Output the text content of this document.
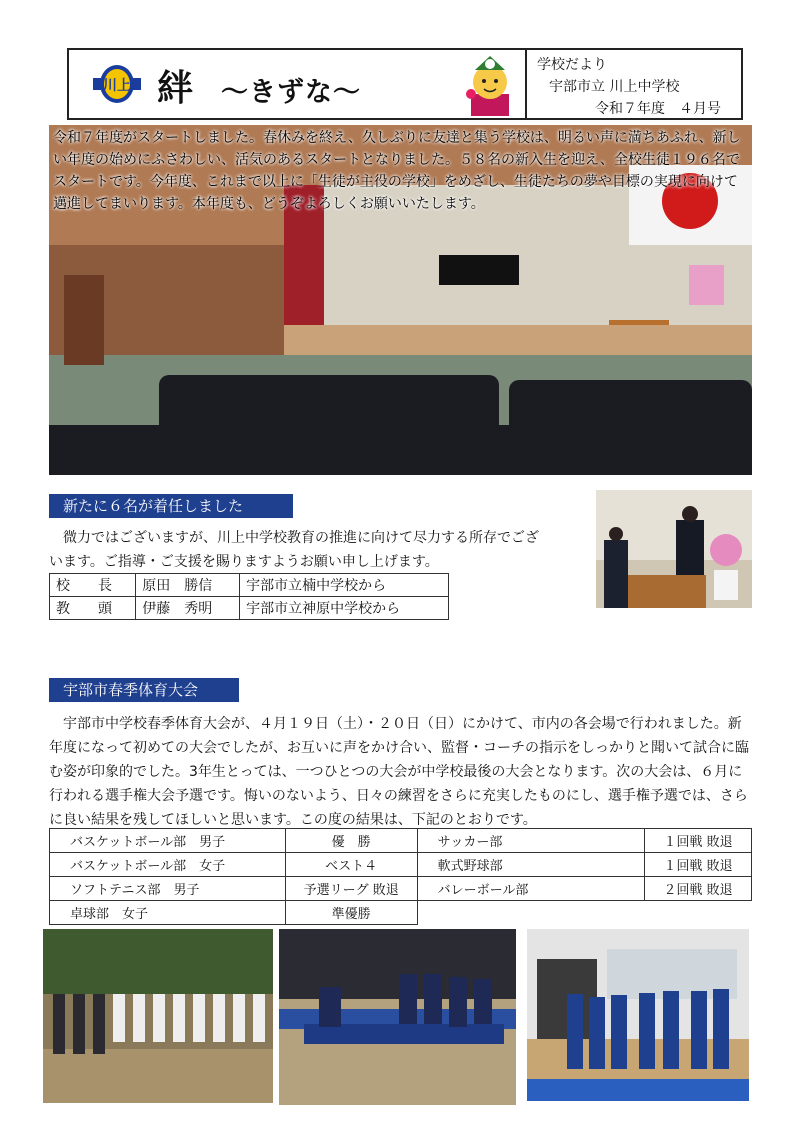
川上 絆 ～きずな～
学校だより
宇部市立 川上中学校
令和７年度　４月号
令和７年度がスタートしました。春休みを終え、久しぶりに友達と集う学校は、明るい声に満ちあふれ、新しい年度の始めにふさわしい、活気のあるスタートとなりました。５８名の新入生を迎え、全校生徒１９６名でスタートです。今年度、これまで以上に「生徒が主役の学校」をめざし、生徒たちの夢や目標の実現に向けて邁進してまいります。本年度も、どうぞよろしくお願いいたします。
新たに６名が着任しました

微力ではございますが、川上中学校教育の推進に向けて尽力する所存でございます。ご指導・ご支援を賜りますようお願い申し上げます。

校　　長	原田　勝信	宇部市立楠中学校から
教　　頭	伊藤　秀明	宇部市立神原中学校から
宇部市春季体育大会

宇部市中学校春季体育大会が、４月１９日（土）・２０日（日）にかけて、市内の各会場で行われました。新年度になって初めての大会でしたが、お互いに声をかけ合い、監督・コーチの指示をしっかりと聞いて試合に臨む姿が印象的でした。3年生とっては、一つひとつの大会が中学校最後の大会となります。次の大会は、６月に行われる選手権大会予選です。悔いのないよう、日々の練習をさらに充実したものにし、選手権予選では、さらに良い結果を残してほしいと思います。この度の結果は、下記のとおりです。

バスケットボール部　男子	優　勝	サッカー部	１回戦 敗退
バスケットボール部　女子	ベスト４	軟式野球部	１回戦 敗退
ソフトテニス部　男子	予選リーグ 敗退	バレーボール部	２回戦 敗退
卓球部　女子	準優勝		
